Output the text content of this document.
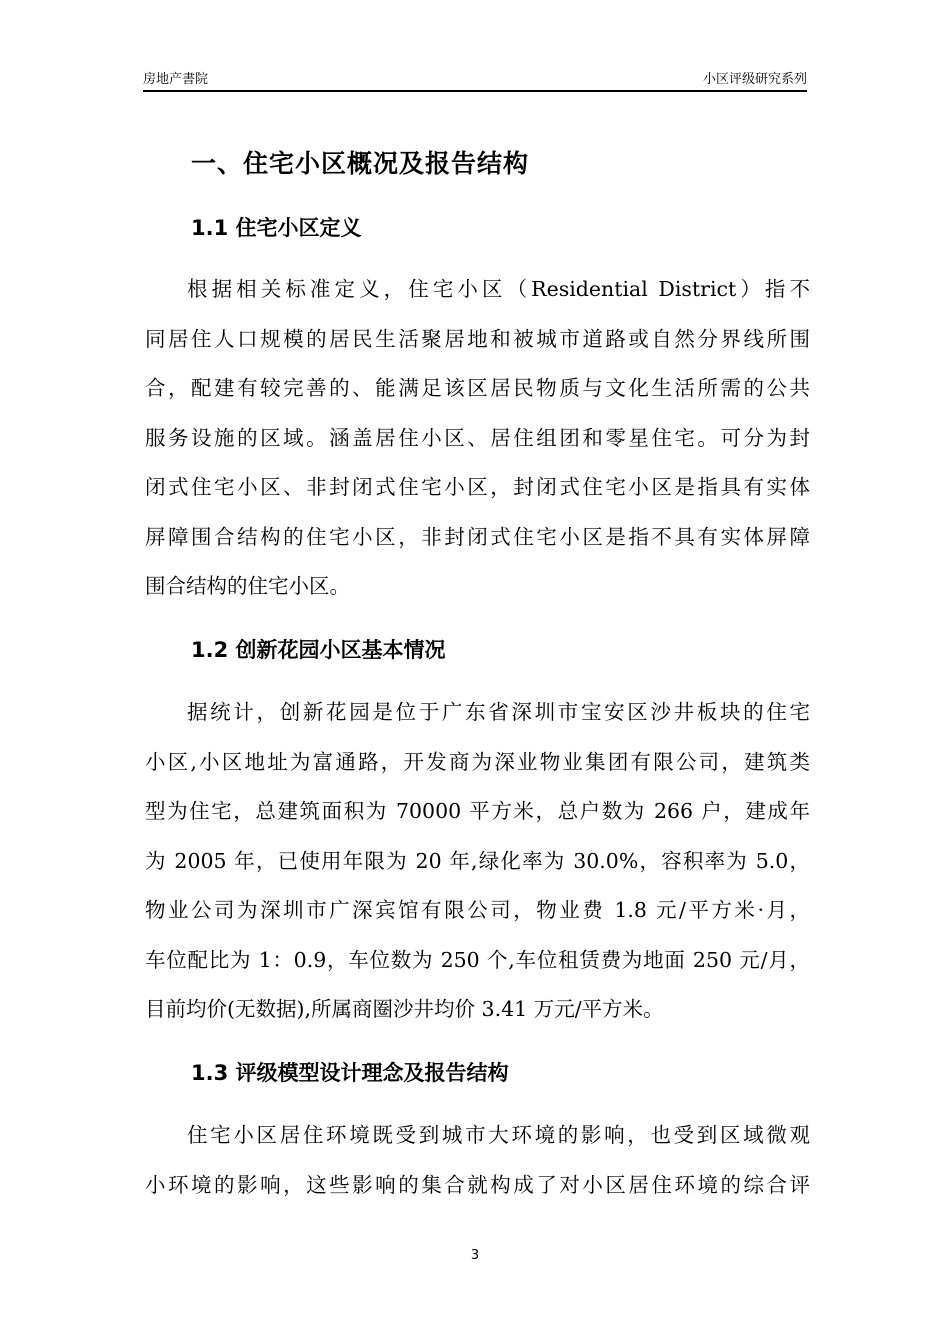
房地产書院	小区评级研究系列
一、住宅小区概况及报告结构
1.1 住宅小区定义
根据相关标准定义，住宅小区（Residential District）指不
同居住人口规模的居民生活聚居地和被城市道路或自然分界线所围
合，配建有较完善的、能满足该区居民物质与文化生活所需的公共
服务设施的区域。涵盖居住小区、居住组团和零星住宅。可分为封
闭式住宅小区、非封闭式住宅小区，封闭式住宅小区是指具有实体
屏障围合结构的住宅小区，非封闭式住宅小区是指不具有实体屏障
围合结构的住宅小区。
1.2 创新花园小区基本情况
据统计，创新花园是位于广东省深圳市宝安区沙井板块的住宅
小区,小区地址为富通路，开发商为深业物业集团有限公司，建筑类
型为住宅，总建筑面积为 70000 平方米，总户数为 266 户，建成年
为 2005 年，已使用年限为 20 年,绿化率为 30.0%，容积率为 5.0，
物业公司为深圳市广深宾馆有限公司，物业费 1.8 元/平方米·月，
车位配比为 1：0.9，车位数为 250 个,车位租赁费为地面 250 元/月，
目前均价(无数据),所属商圈沙井均价 3.41 万元/平方米。
1.3 评级模型设计理念及报告结构
住宅小区居住环境既受到城市大环境的影响，也受到区域微观
小环境的影响，这些影响的集合就构成了对小区居住环境的综合评
3
